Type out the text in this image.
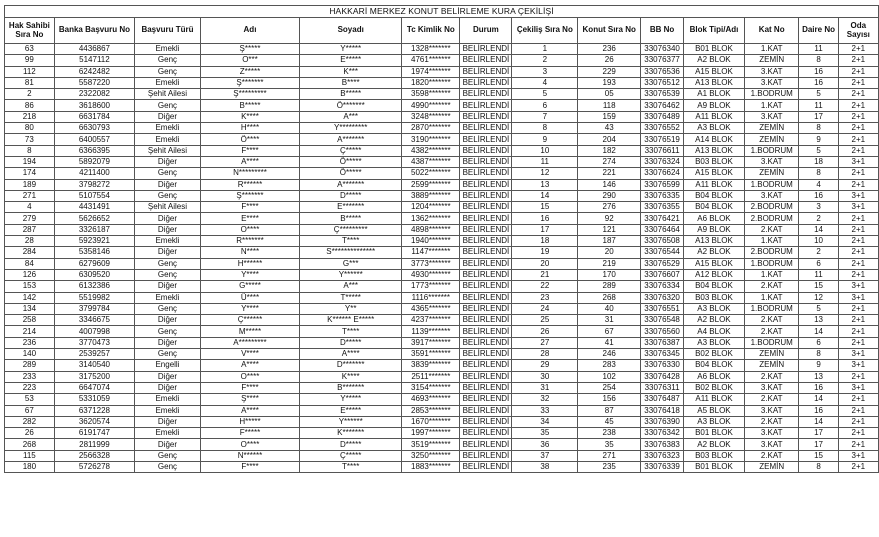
HAKKARİ MERKEZ KONUT BELİRLEME KURA ÇEKİLİŞİ													
Hak Sahibi Sıra No	Banka Başvuru No	Başvuru Türü	Adı	Soyadı	Tc Kimlik No	Durum	Çekiliş Sıra No	Konut Sıra No	BB No	Blok Tipi/Adı	Kat No	Daire No	Oda Sayısı
63	4436867	Emekli	Ş*****	Y*****	1328*******	BELİRLENDİ	1	236	33076340	B01 BLOK	1.KAT	11	2+1
99	5147112	Genç	O***	E*****	4761*******	BELİRLENDİ	2	26	33076377	A2 BLOK	ZEMİN	8	2+1
112	6242482	Genç	Z*****	K***	1974*******	BELİRLENDİ	3	229	33076536	A15 BLOK	3.KAT	16	2+1
81	5587220	Emekli	Ş*******	B****	1820*******	BELİRLENDİ	4	193	33076512	A13 BLOK	3.KAT	16	2+1
2	2322082	Şehit Ailesi	Ş*********	B*****	3598*******	BELİRLENDİ	5	05	33076539	A1 BLOK	1.BODRUM	5	2+1
86	3618600	Genç	B*****	Ö*******	4990*******	BELİRLENDİ	6	118	33076462	A9 BLOK	1.KAT	11	2+1
218	6631784	Diğer	K****	A***	3248*******	BELİRLENDİ	7	159	33076489	A11 BLOK	3.KAT	17	2+1
80	6630793	Emekli	H****	Y*********	2870*******	BELİRLENDİ	8	43	33076552	A3 BLOK	ZEMİN	8	2+1
73	6400557	Emekli	Ö****	A*******	3190*******	BELİRLENDİ	9	204	33076519	A14 BLOK	ZEMİN	9	2+1
8	6366395	Şehit Ailesi	F****	Ç*****	4382*******	BELİRLENDİ	10	182	33076611	A13 BLOK	1.BODRUM	5	2+1
194	5892079	Diğer	A****	Ö*****	4387*******	BELİRLENDİ	11	274	33076324	B03 BLOK	3.KAT	18	3+1
174	4211400	Genç	N*********	Ö*****	5022*******	BELİRLENDİ	12	221	33076624	A15 BLOK	ZEMİN	8	2+1
189	3798272	Diğer	R******	A*******	2599*******	BELİRLENDİ	13	146	33076599	A11 BLOK	1.BODRUM	4	2+1
271	5107554	Genç	Ş*******	D*****	3889*******	BELİRLENDİ	14	290	33076335	B04 BLOK	3.KAT	16	3+1
4	4431491	Şehit Ailesi	F****	E*******	1204*******	BELİRLENDİ	15	276	33076355	B04 BLOK	2.BODRUM	3	3+1
279	5626652	Diğer	E****	B*****	1362*******	BELİRLENDİ	16	92	33076421	A6 BLOK	2.BODRUM	2	2+1
287	3326187	Diğer	O****	Ç*********	4898*******	BELİRLENDİ	17	121	33076464	A9 BLOK	2.KAT	14	2+1
28	5923921	Emekli	R*******	T****	1940*******	BELİRLENDİ	18	187	33076508	A13 BLOK	1.KAT	10	2+1
284	5358146	Diğer	N****	S**************	1147*******	BELİRLENDİ	19	20	33076544	A2 BLOK	2.BODRUM	2	2+1
84	6279609	Genç	H******	G***	3773*******	BELİRLENDİ	20	219	33076529	A15 BLOK	1.BODRUM	6	2+1
126	6309520	Genç	Y****	Y******	4930*******	BELİRLENDİ	21	170	33076607	A12 BLOK	1.KAT	11	2+1
153	6132386	Diğer	G*****	A***	1773*******	BELİRLENDİ	22	289	33076334	B04 BLOK	2.KAT	15	3+1
142	5519982	Emekli	Ü****	T*****	1116*******	BELİRLENDİ	23	268	33076320	B03 BLOK	1.KAT	12	3+1
134	3799784	Genç	Y****	Y**	4365*******	BELİRLENDİ	24	40	33076551	A3 BLOK	1.BODRUM	5	2+1
258	3346675	Diğer	Ç******	K****** E*****	4237*******	BELİRLENDİ	25	31	33076548	A2 BLOK	2.KAT	13	2+1
214	4007998	Genç	M*****	T****	1139*******	BELİRLENDİ	26	67	33076560	A4 BLOK	2.KAT	14	2+1
236	3770473	Diğer	A*********	D*****	3917*******	BELİRLENDİ	27	41	33076387	A3 BLOK	1.BODRUM	6	2+1
140	2539257	Genç	V****	A****	3591*******	BELİRLENDİ	28	246	33076345	B02 BLOK	ZEMİN	8	3+1
289	3140540	Engelli	A****	D*******	3839*******	BELİRLENDİ	29	283	33076330	B04 BLOK	ZEMİN	9	3+1
233	3175200	Diğer	O****	K****	2511*******	BELİRLENDİ	30	102	33076428	A6 BLOK	2.KAT	13	2+1
223	6647074	Diğer	F****	B*******	3154*******	BELİRLENDİ	31	254	33076311	B02 BLOK	3.KAT	16	3+1
53	5331059	Emekli	Ş****	Y*****	4693*******	BELİRLENDİ	32	156	33076487	A11 BLOK	2.KAT	14	2+1
67	6371228	Emekli	A****	E*****	2853*******	BELİRLENDİ	33	87	33076418	A5 BLOK	3.KAT	16	2+1
282	3620574	Diğer	H*****	Y******	1670*******	BELİRLENDİ	34	45	33076390	A3 BLOK	2.KAT	14	2+1
26	6191747	Emekli	F*****	K*******	1997*******	BELİRLENDİ	35	238	33076342	B01 BLOK	3.KAT	17	2+1
268	2811999	Diğer	O****	D*****	3519*******	BELİRLENDİ	36	35	33076383	A2 BLOK	3.KAT	17	2+1
115	2566328	Genç	N******	Ç*****	3250*******	BELİRLENDİ	37	271	33076323	B03 BLOK	2.KAT	15	3+1
180	5726278	Genç	F****	T****	1883*******	BELİRLENDİ	38	235	33076339	B01 BLOK	ZEMİN	8	2+1
